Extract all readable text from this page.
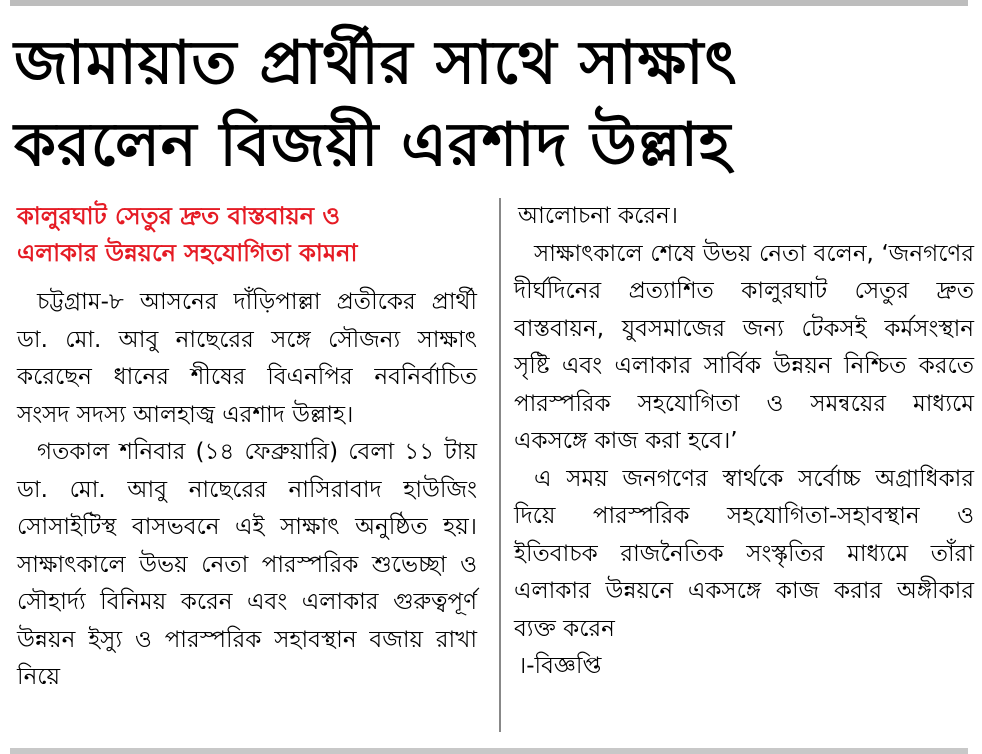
জামায়াত প্রার্থীর সাথে সাক্ষাৎ
করলেন বিজয়ী এরশাদ উল্লাহ
কালুরঘাট সেতুর দ্রুত বাস্তবায়ন ও
এলাকার উন্নয়নে সহযোগিতা কামনা

চট্টগ্রাম-৮ আসনের দাঁড়িপাল্লা প্রতীকের প্রার্থী ডা. মো. আবু নাছেরের সঙ্গে সৌজন্য সাক্ষাৎ করেছেন ধানের শীষের বিএনপির নবনির্বাচিত সংসদ সদস্য আলহাজ্ব এরশাদ উল্লাহ।

গতকাল শনিবার (১৪ ফেব্রুয়ারি) বেলা ১১ টায় ডা. মো. আবু নাছেরের নাসিরাবাদ হাউজিং সোসাইটিস্থ বাসভবনে এই সাক্ষাৎ অনুষ্ঠিত হয়। সাক্ষাৎকালে উভয় নেতা পারস্পরিক শুভেচ্ছা ও সৌহার্দ্য বিনিময় করেন এবং এলাকার গুরুত্বপূর্ণ উন্নয়ন ইস্যু ও পারস্পরিক সহাবস্থান বজায় রাখা নিয়ে

আলোচনা করেন।

সাক্ষাৎকালে শেষে উভয় নেতা বলেন, ‘জনগণের দীর্ঘদিনের প্রত্যাশিত কালুরঘাট সেতুর দ্রুত বাস্তবায়ন, যুবসমাজের জন্য টেকসই কর্মসংস্থান সৃষ্টি এবং এলাকার সার্বিক উন্নয়ন নিশ্চিত করতে পারস্পরিক সহযোগিতা ও সমন্বয়ের মাধ্যমে একসঙ্গে কাজ করা হবে।’

এ সময় জনগণের স্বার্থকে সর্বোচ্চ অগ্রাধিকার দিয়ে পারস্পরিক সহযোগিতা-সহাবস্থান ও ইতিবাচক রাজনৈতিক সংস্কৃতির মাধ্যমে তাঁরা এলাকার উন্নয়নে একসঙ্গে কাজ করার অঙ্গীকার ব্যক্ত করেন

।-বিজ্ঞপ্তি
